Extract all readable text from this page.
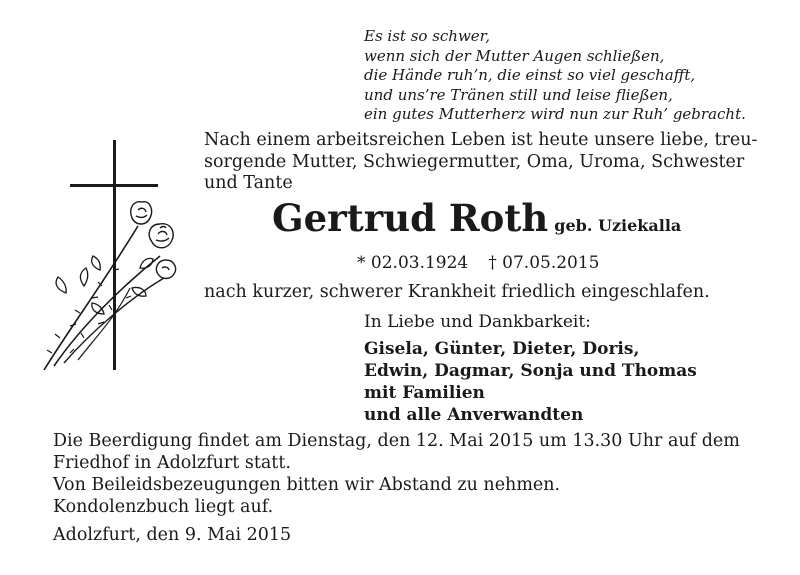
Es ist so schwer,
wenn sich der Mutter Augen schließen,
die Hände ruh’n, die einst so viel geschafft,
und uns’re Tränen still und leise fließen,
ein gutes Mutterherz wird nun zur Ruh’ gebracht.
Nach einem arbeitsreichen Leben ist heute unsere liebe, treu-
sorgende Mutter, Schwiegermutter, Oma, Uroma, Schwester
und Tante
Gertrud Roth geb. Uziekalla
* 02.03.1924 † 07.05.2015
nach kurzer, schwerer Krankheit friedlich eingeschlafen.
In Liebe und Dankbarkeit:
Gisela, Günter, Dieter, Doris,
Edwin, Dagmar, Sonja und Thomas
mit Familien
und alle Anverwandten
Die Beerdigung findet am Dienstag, den 12. Mai 2015 um 13.30 Uhr auf dem
Friedhof in Adolzfurt statt.
Von Beileidsbezeugungen bitten wir Abstand zu nehmen.
Kondolenzbuch liegt auf.
Adolzfurt, den 9. Mai 2015
